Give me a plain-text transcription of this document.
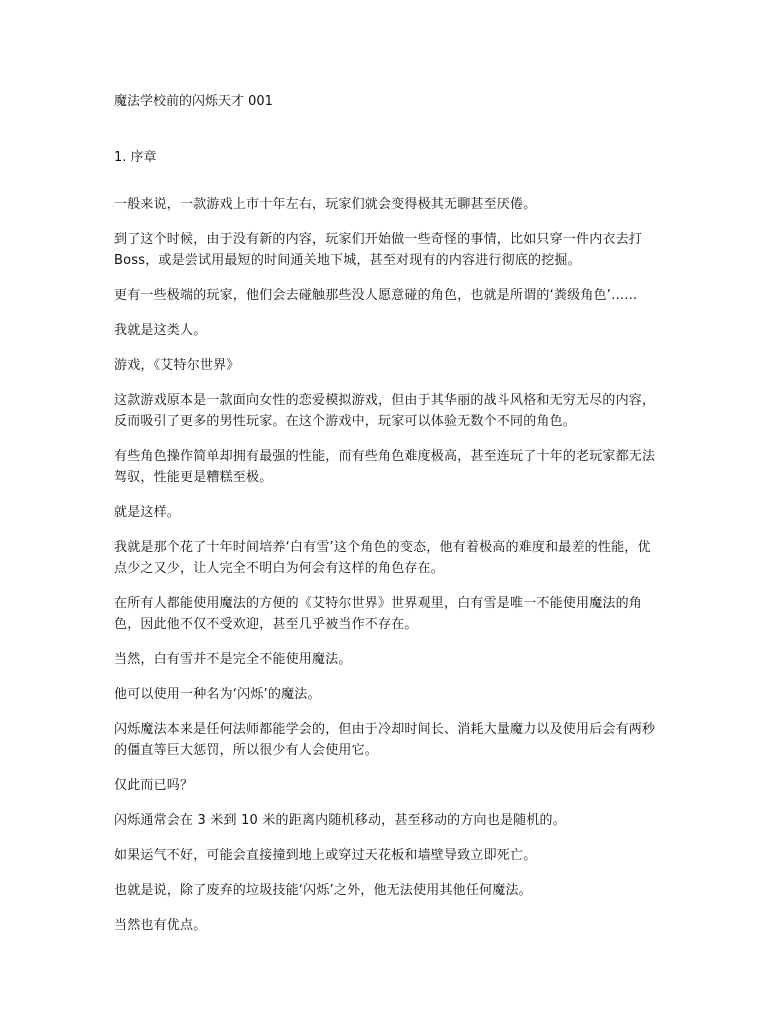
魔法学校前的闪烁天才 001

1. 序章

一般来说，一款游戏上市十年左右，玩家们就会变得极其无聊甚至厌倦。

到了这个时候，由于没有新的内容，玩家们开始做一些奇怪的事情，比如只穿一件内衣去打 Boss，或是尝试用最短的时间通关地下城，甚至对现有的内容进行彻底的挖掘。

更有一些极端的玩家，他们会去碰触那些没人愿意碰的角色，也就是所谓的‘粪级角色’……

我就是这类人。

游戏，《艾特尔世界》

这款游戏原本是一款面向女性的恋爱模拟游戏，但由于其华丽的战斗风格和无穷无尽的内容，反而吸引了更多的男性玩家。在这个游戏中，玩家可以体验无数个不同的角色。

有些角色操作简单却拥有最强的性能，而有些角色难度极高，甚至连玩了十年的老玩家都无法驾驭，性能更是糟糕至极。

就是这样。

我就是那个花了十年时间培养‘白有雪’这个角色的变态，他有着极高的难度和最差的性能，优点少之又少，让人完全不明白为何会有这样的角色存在。

在所有人都能使用魔法的方便的《艾特尔世界》世界观里，白有雪是唯一不能使用魔法的角色，因此他不仅不受欢迎，甚至几乎被当作不存在。

当然，白有雪并不是完全不能使用魔法。

他可以使用一种名为‘闪烁’的魔法。

闪烁魔法本来是任何法师都能学会的，但由于冷却时间长、消耗大量魔力以及使用后会有两秒的僵直等巨大惩罚，所以很少有人会使用它。

仅此而已吗？

闪烁通常会在 3 米到 10 米的距离内随机移动，甚至移动的方向也是随机的。

如果运气不好，可能会直接撞到地上或穿过天花板和墙壁导致立即死亡。

也就是说，除了废弃的垃圾技能‘闪烁’之外，他无法使用其他任何魔法。

当然也有优点。
